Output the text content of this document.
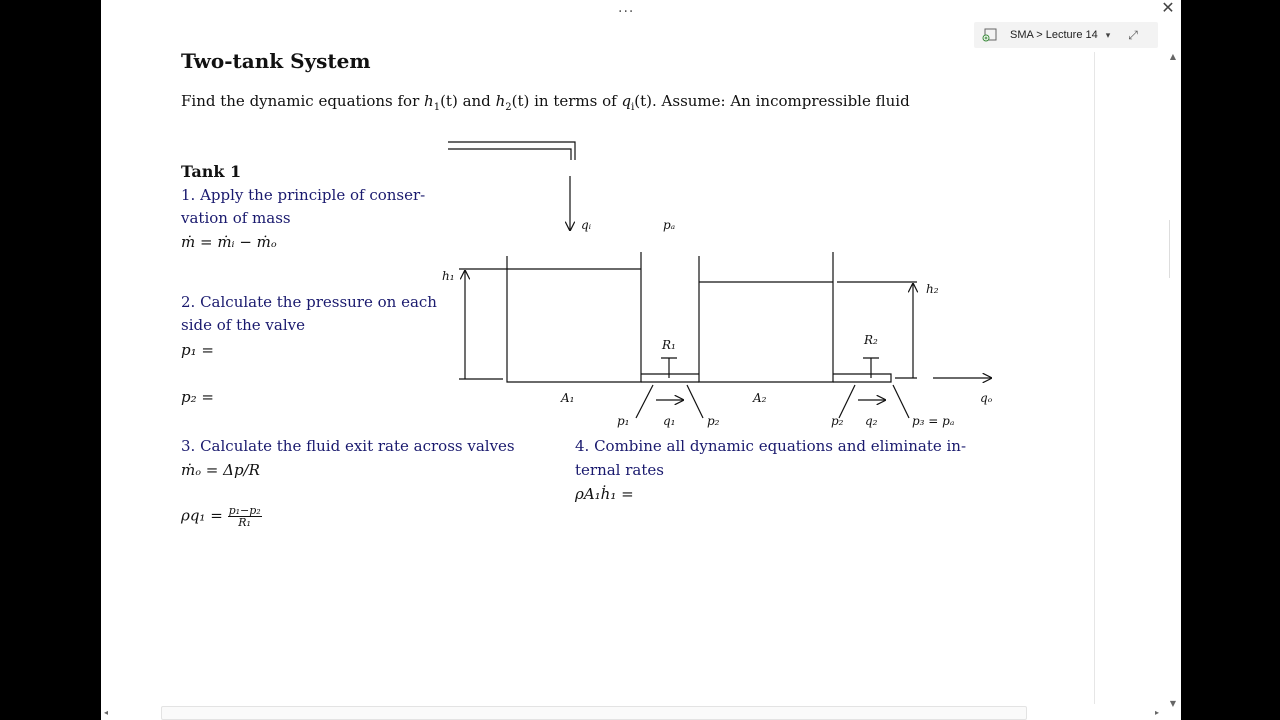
...	✕
SMA > Lecture 14 ▾ ⤢
▲
▼
◂	▸
Two-tank System
Find the dynamic equations for $h_1(t)$ and $h_2(t)$ in terms of $q_i(t)$. Assume: An incompressible fluid
Tank 1
1. Apply the principle of conser-
vation of mass
ṁ = ṁᵢ − ṁₒ
2. Calculate the pressure on each
side of the valve
p₁ =
p₂ =
3. Calculate the fluid exit rate across valves
ṁₒ = Δp/R
$\rho q_1 = \frac{\text{p₁−p₂}}{\text{R₁}}$
4. Combine all dynamic equations and eliminate in-
ternal rates
ρA₁ḣ₁ =
qᵢ	pₐ
h₁
h₂
R₁	R₂
A₁	A₂	qₒ
p₁	q₁	p₂	p₂ q₂	p₃ = pₐ
